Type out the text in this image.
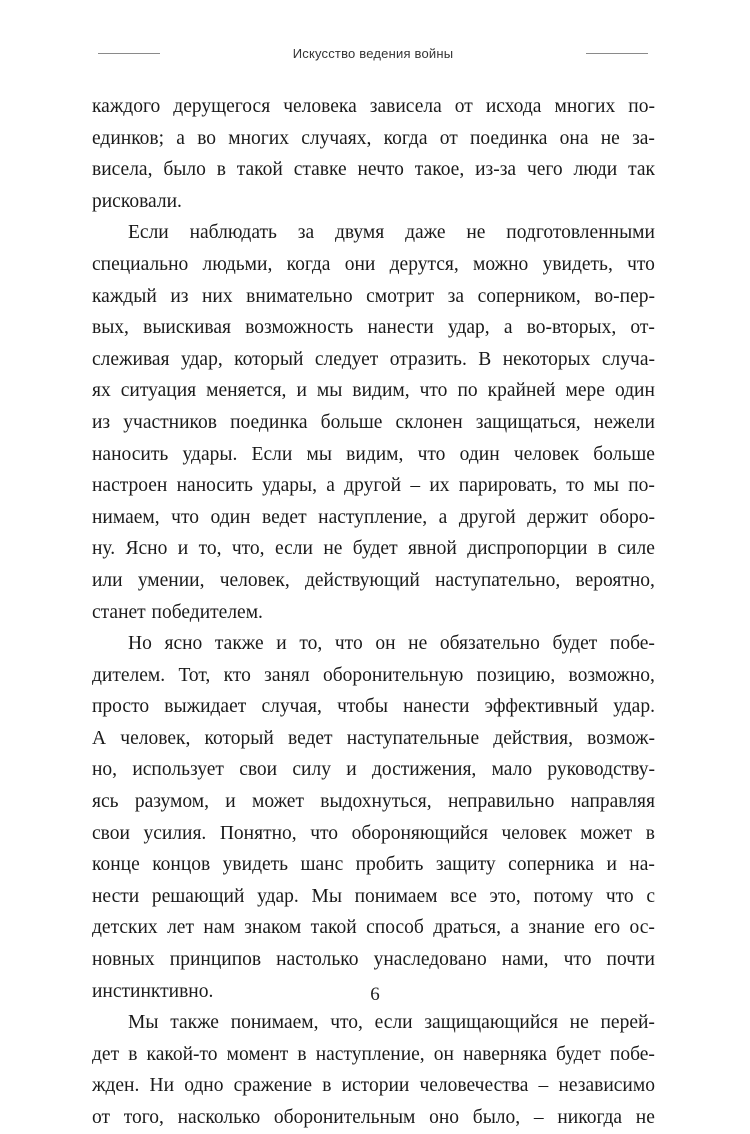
Искусство ведения войны
каждого дерущегося человека зависела от исхода многих по-
единков; а во многих случаях, когда от поединка она не за-
висела, было в такой ставке нечто такое, из-за чего люди так
рисковали.
Если наблюдать за двумя даже не подготовленными
специально людьми, когда они дерутся, можно увидеть, что
каждый из них внимательно смотрит за соперником, во-пер-
вых, выискивая возможность нанести удар, а во-вторых, от-
слеживая удар, который следует отразить. В некоторых случа-
ях ситуация меняется, и мы видим, что по крайней мере один
из участников поединка больше склонен защищаться, нежели
наносить удары. Если мы видим, что один человек больше
настроен наносить удары, а другой – их парировать, то мы по-
нимаем, что один ведет наступление, а другой держит оборо-
ну. Ясно и то, что, если не будет явной диспропорции в силе
или умении, человек, действующий наступательно, вероятно,
станет победителем.
Но ясно также и то, что он не обязательно будет побе-
дителем. Тот, кто занял оборонительную позицию, возможно,
просто выжидает случая, чтобы нанести эффективный удар.
А человек, который ведет наступательные действия, возмож-
но, использует свои силу и достижения, мало руководству-
ясь разумом, и может выдохнуться, неправильно направляя
свои усилия. Понятно, что обороняющийся человек может в
конце концов увидеть шанс пробить защиту соперника и на-
нести решающий удар. Мы понимаем все это, потому что с
детских лет нам знаком такой способ драться, а знание его ос-
новных принципов настолько унаследовано нами, что почти
инстинктивно.
Мы также понимаем, что, если защищающийся не перей-
дет в какой-то момент в наступление, он наверняка будет побе-
жден. Ни одно сражение в истории человечества – независимо
от того, насколько оборонительным оно было, – никогда не
6
